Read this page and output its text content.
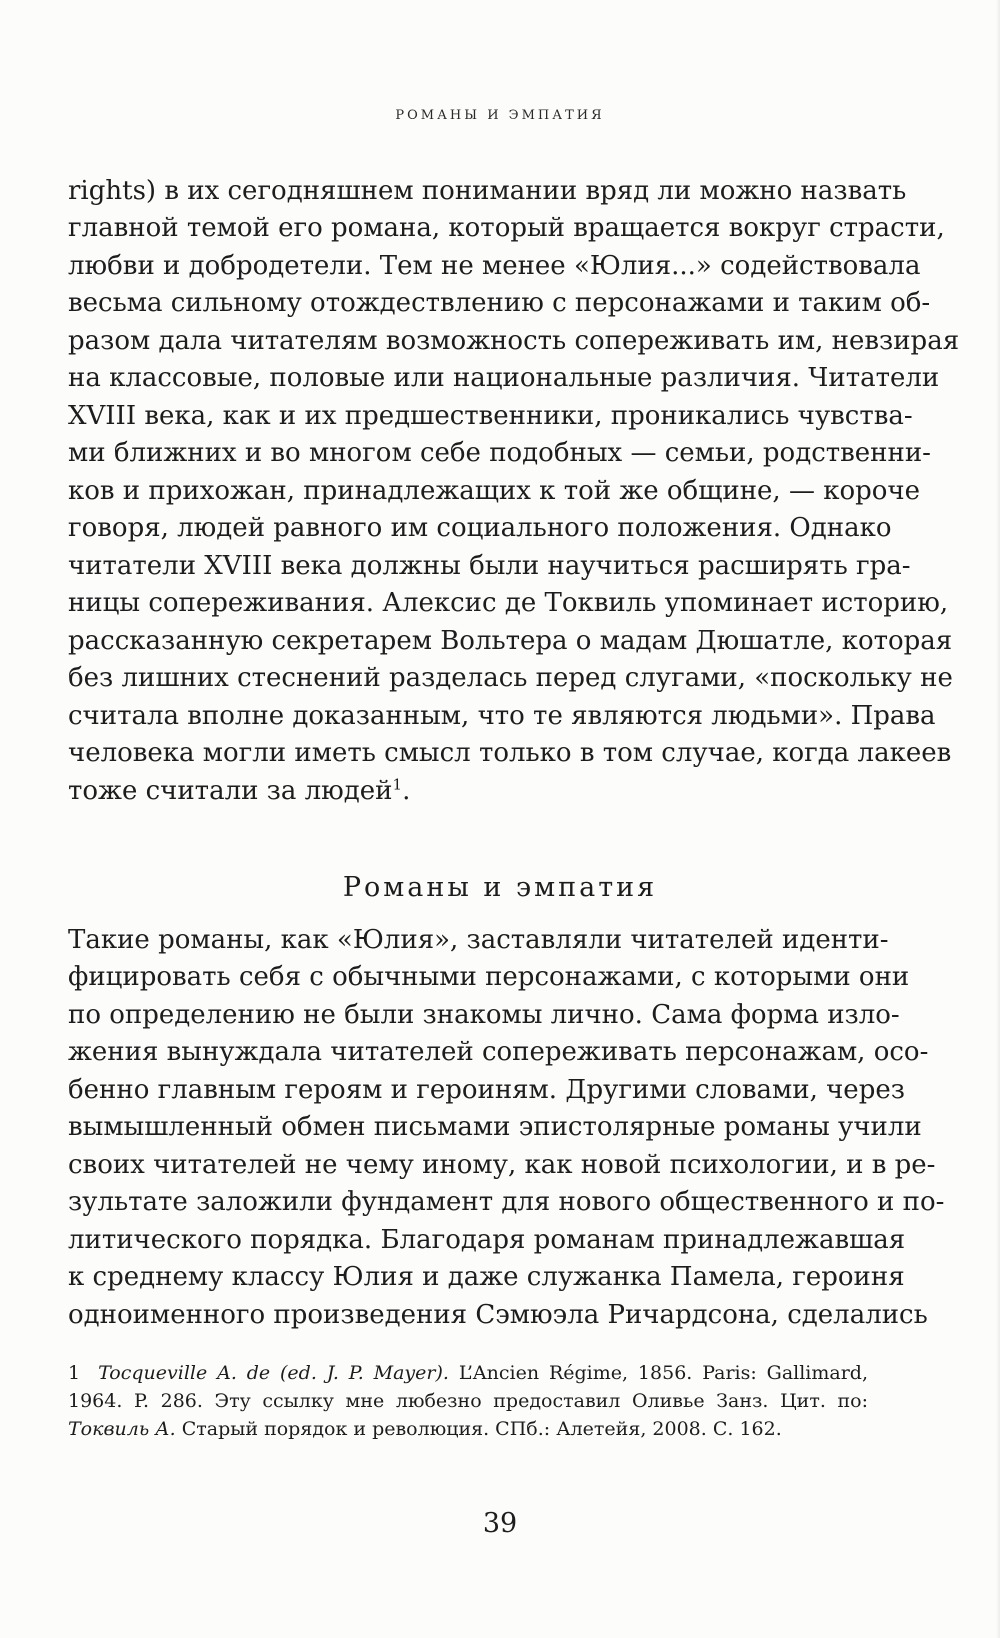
РОМАНЫ И ЭМПАТИЯ
rights) в их сегодняшнем понимании вряд ли можно назвать
главной темой его романа, который вращается вокруг страсти,
любви и добродетели. Тем не менее «Юлия...» содействовала
весьма сильному отождествлению с персонажами и таким об-
разом дала читателям возможность сопереживать им, невзирая
на классовые, половые или национальные различия. Читатели
XVIII века, как и их предшественники, проникались чувства-
ми ближних и во многом себе подобных — семьи, родственни-
ков и прихожан, принадлежащих к той же общине, — короче
говоря, людей равного им социального положения. Однако
читатели XVIII века должны были научиться расширять гра-
ницы сопереживания. Алексис де Токвиль упоминает историю,
рассказанную секретарем Вольтера о мадам Дюшатле, которая
без лишних стеснений разделась перед слугами, «поскольку не
считала вполне доказанным, что те являются людьми». Права
человека могли иметь смысл только в том случае, когда лакеев
тоже считали за людей$^1$.
Романы и эмпатия
Такие романы, как «Юлия», заставляли читателей иденти-
фицировать себя с обычными персонажами, с которыми они
по определению не были знакомы лично. Сама форма изло-
жения вынуждала читателей сопереживать персонажам, осо-
бенно главным героям и героиням. Другими словами, через
вымышленный обмен письмами эпистолярные романы учили
своих читателей не чему иному, как новой психологии, и в ре-
зультате заложили фундамент для нового общественного и по-
литического порядка. Благодаря романам принадлежавшая
к среднему классу Юлия и даже служанка Памела, героиня
одноименного произведения Сэмюэла Ричардсона, сделались
1 Tocqueville A. de (ed. J. P. Mayer). L’Ancien Régime, 1856. Paris: Gallimard,
1964. P. 286. Эту ссылку мне любезно предоставил Оливье Занз. Цит. по:
Токвиль А. Старый порядок и революция. СПб.: Алетейя, 2008. С. 162.
39
